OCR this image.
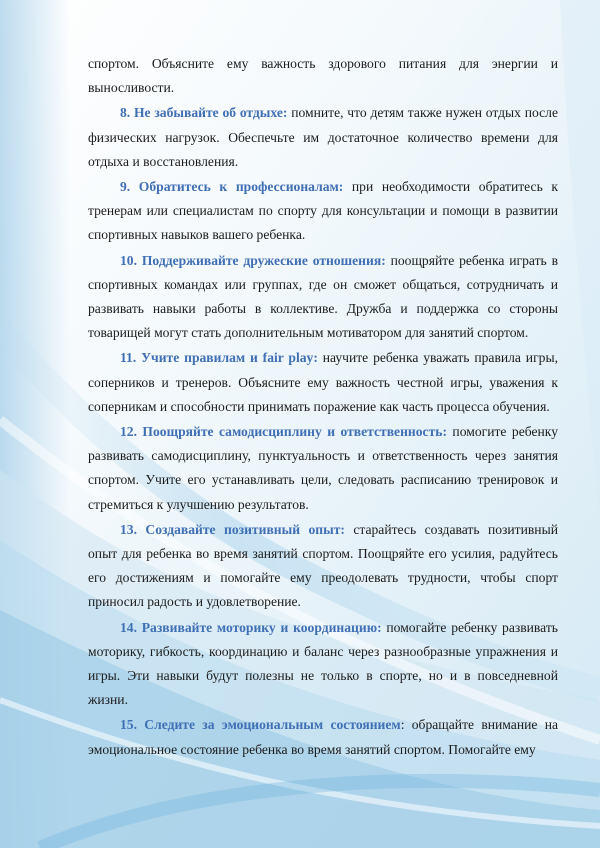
спортом. Объясните ему важность здорового питания для энергии и выносливости.

8. Не забывайте об отдыхе: помните, что детям также нужен отдых после физических нагрузок. Обеспечьте им достаточное количество времени для отдыха и восстановления.

9. Обратитесь к профессионалам: при необходимости обратитесь к тренерам или специалистам по спорту для консультации и помощи в развитии спортивных навыков вашего ребенка.

10. Поддерживайте дружеские отношения: поощряйте ребенка играть в спортивных командах или группах, где он сможет общаться, сотрудничать и развивать навыки работы в коллективе. Дружба и поддержка со стороны товарищей могут стать дополнительным мотиватором для занятий спортом.

11. Учите правилам и fair play: научите ребенка уважать правила игры, соперников и тренеров. Объясните ему важность честной игры, уважения к соперникам и способности принимать поражение как часть процесса обучения.

12. Поощряйте самодисциплину и ответственность: помогите ребенку развивать самодисциплину, пунктуальность и ответственность через занятия спортом. Учите его устанавливать цели, следовать расписанию тренировок и стремиться к улучшению результатов.

13. Создавайте позитивный опыт: старайтесь создавать позитивный опыт для ребенка во время занятий спортом. Поощряйте его усилия, радуйтесь его достижениям и помогайте ему преодолевать трудности, чтобы спорт приносил радость и удовлетворение.

14. Развивайте моторику и координацию: помогайте ребенку развивать моторику, гибкость, координацию и баланс через разнообразные упражнения и игры. Эти навыки будут полезны не только в спорте, но и в повседневной жизни.

15. Следите за эмоциональным состоянием: обращайте внимание на эмоциональное состояние ребенка во время занятий спортом. Помогайте ему
